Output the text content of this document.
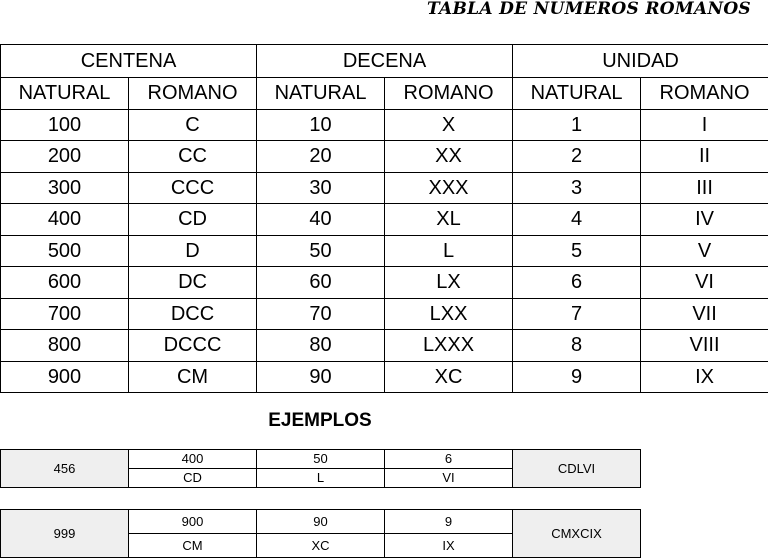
TABLA DE NUMEROS ROMANOS
CENTENA		DECENA		UNIDAD	
NATURAL	ROMANO	NATURAL	ROMANO	NATURAL	ROMANO
100	C	10	X	1	I
200	CC	20	XX	2	II
300	CCC	30	XXX	3	III
400	CD	40	XL	4	IV
500	D	50	L	5	V
600	DC	60	LX	6	VI
700	DCC	70	LXX	7	VII
800	DCCC	80	LXXX	8	VIII
900	CM	90	XC	9	IX
EJEMPLOS
456	400	50	6	CDLVI
	CD	L	VI	
999	900	90	9	CMXCIX
	CM	XC	IX	
